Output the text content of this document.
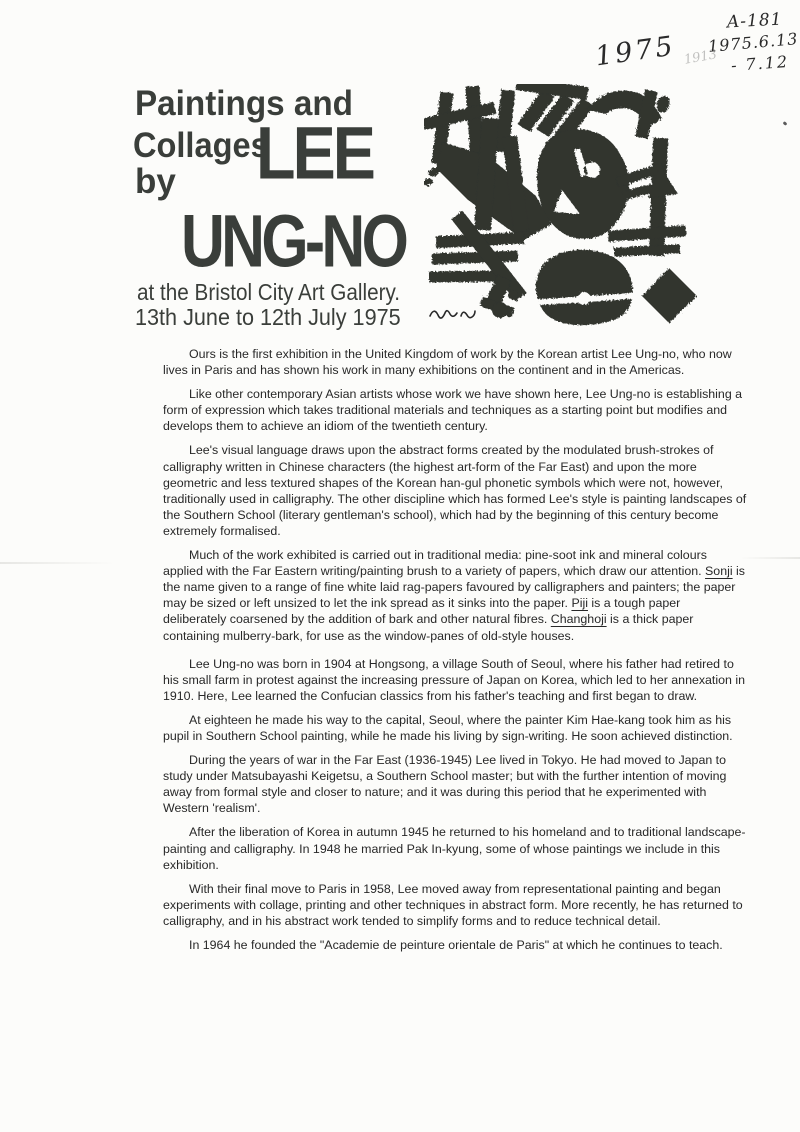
1975 1913
A-181
1975.6.13
- 7.12
Paintings and
Collages
LEE
by
UNG-NO
at the Bristol City Art Gallery.
13th June to 12th July 1975

Ours is the first exhibition in the United Kingdom of work by the Korean artist Lee Ung-no, who now lives in Paris and has shown his work in many exhibitions on the continent and in the Americas.

Like other contemporary Asian artists whose work we have shown here, Lee Ung-no is establishing a form of expression which takes traditional materials and techniques as a starting point but modifies and develops them to achieve an idiom of the twentieth century.

Lee's visual language draws upon the abstract forms created by the modulated brush-strokes of calligraphy written in Chinese characters (the highest art-form of the Far East) and upon the more geometric and less textured shapes of the Korean han-gul phonetic symbols which were not, however, traditionally used in calligraphy. The other discipline which has formed Lee's style is painting landscapes of the Southern School (literary gentleman's school), which had by the beginning of this century become extremely formalised.

Much of the work exhibited is carried out in traditional media: pine-soot ink and mineral colours applied with the Far Eastern writing/painting brush to a variety of papers, which draw our attention. Sonji is the name given to a range of fine white laid rag-papers favoured by calligraphers and painters; the paper may be sized or left unsized to let the ink spread as it sinks into the paper. Piji is a tough paper deliberately coarsened by the addition of bark and other natural fibres. Changhoji is a thick paper containing mulberry-bark, for use as the window-panes of old-style houses.

Lee Ung-no was born in 1904 at Hongsong, a village South of Seoul, where his father had retired to his small farm in protest against the increasing pressure of Japan on Korea, which led to her annexation in 1910. Here, Lee learned the Confucian classics from his father's teaching and first began to draw.

At eighteen he made his way to the capital, Seoul, where the painter Kim Hae-kang took him as his pupil in Southern School painting, while he made his living by sign-writing. He soon achieved distinction.

During the years of war in the Far East (1936-1945) Lee lived in Tokyo. He had moved to Japan to study under Matsubayashi Keigetsu, a Southern School master; but with the further intention of moving away from formal style and closer to nature; and it was during this period that he experimented with Western 'realism'.

After the liberation of Korea in autumn 1945 he returned to his homeland and to traditional landscape-painting and calligraphy. In 1948 he married Pak In-kyung, some of whose paintings we include in this exhibition.

With their final move to Paris in 1958, Lee moved away from representational painting and began experiments with collage, printing and other techniques in abstract form. More recently, he has returned to calligraphy, and in his abstract work tended to simplify forms and to reduce technical detail.

In 1964 he founded the "Academie de peinture orientale de Paris" at which he continues to teach.
